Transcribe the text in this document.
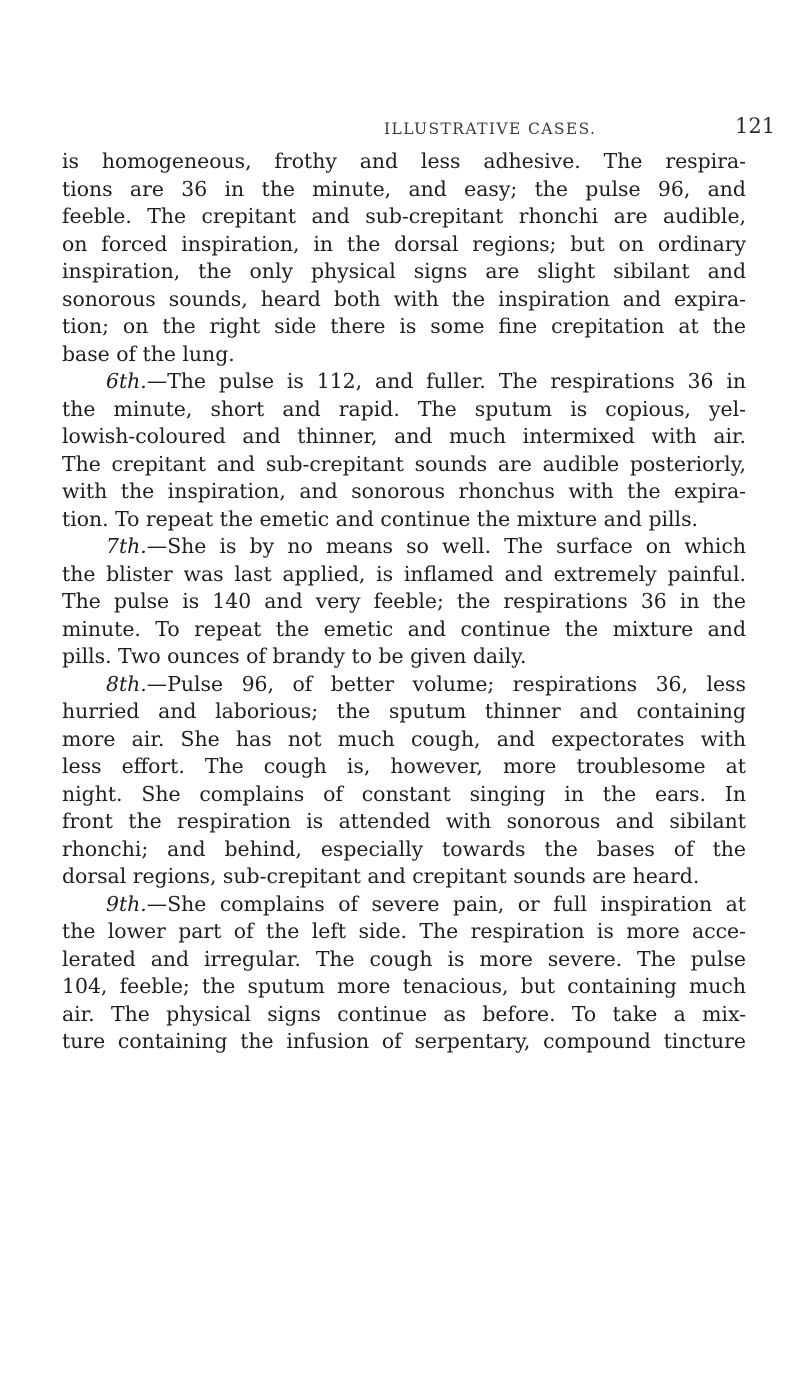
ILLUSTRATIVE CASES.	121
is homogeneous, frothy and less adhesive. The respira-
tions are 36 in the minute, and easy; the pulse 96, and
feeble. The crepitant and sub-crepitant rhonchi are audible,
on forced inspiration, in the dorsal regions; but on ordinary
inspiration, the only physical signs are slight sibilant and
sonorous sounds, heard both with the inspiration and expira-
tion; on the right side there is some fine crepitation at the
base of the lung.
6th.—The pulse is 112, and fuller. The respirations 36 in
the minute, short and rapid. The sputum is copious, yel-
lowish-coloured and thinner, and much intermixed with air.
The crepitant and sub-crepitant sounds are audible posteriorly,
with the inspiration, and sonorous rhonchus with the expira-
tion. To repeat the emetic and continue the mixture and pills.
7th.—She is by no means so well. The surface on which
the blister was last applied, is inflamed and extremely painful.
The pulse is 140 and very feeble; the respirations 36 in the
minute. To repeat the emetic and continue the mixture and
pills. Two ounces of brandy to be given daily.
8th.—Pulse 96, of better volume; respirations 36, less
hurried and laborious; the sputum thinner and containing
more air. She has not much cough, and expectorates with
less effort. The cough is, however, more troublesome at
night. She complains of constant singing in the ears. In
front the respiration is attended with sonorous and sibilant
rhonchi; and behind, especially towards the bases of the
dorsal regions, sub-crepitant and crepitant sounds are heard.
9th.—She complains of severe pain, or full inspiration at
the lower part of the left side. The respiration is more acce-
lerated and irregular. The cough is more severe. The pulse
104, feeble; the sputum more tenacious, but containing much
air. The physical signs continue as before. To take a mix-
ture containing the infusion of serpentary, compound tincture
